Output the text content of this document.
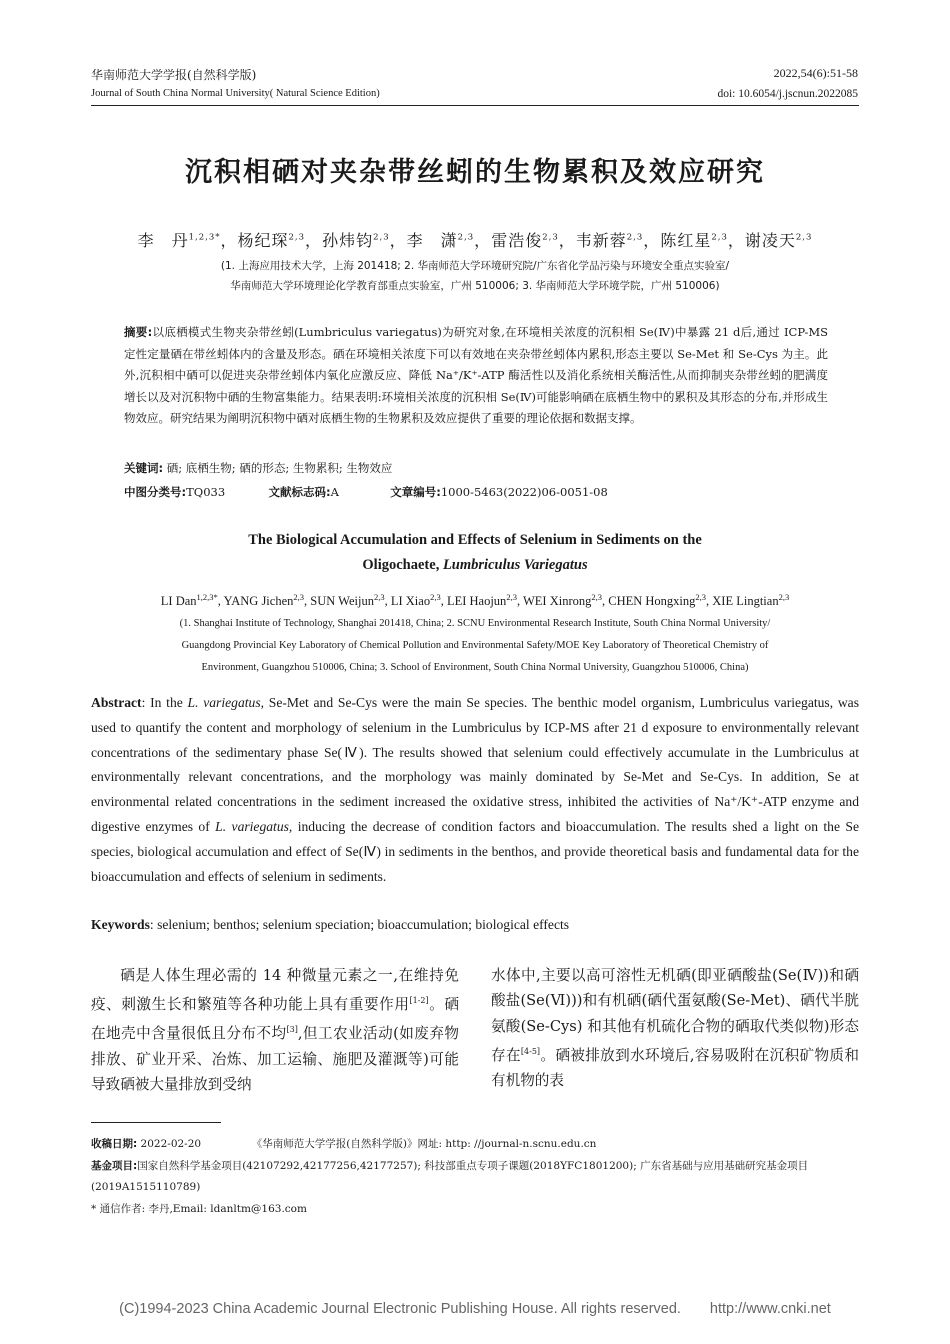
华南师范大学学报(自然科学版)
Journal of South China Normal University( Natural Science Edition)
2022,54(6):51-58
doi: 10.6054/j.jscnun.2022085
沉积相硒对夹杂带丝蚓的生物累积及效应研究
李　丹$^{1,2,3*}$，杨纪琛$^{2,3}$，孙炜钧$^{2,3}$，李　潇$^{2,3}$，雷浩俊$^{2,3}$，韦新蓉$^{2,3}$，陈红星$^{2,3}$，谢凌天$^{2,3}$
(1. 上海应用技术大学，上海 201418; 2. 华南师范大学环境研究院/广东省化学品污染与环境安全重点实验室/
华南师范大学环境理论化学教育部重点实验室，广州 510006; 3. 华南师范大学环境学院，广州 510006)
摘要:以底栖模式生物夹杂带丝蚓(Lumbriculus variegatus)为研究对象,在环境相关浓度的沉积相 Se(Ⅳ)中暴露 21 d后,通过 ICP-MS 定性定量硒在带丝蚓体内的含量及形态。硒在环境相关浓度下可以有效地在夹杂带丝蚓体内累积,形态主要以 Se-Met 和 Se-Cys 为主。此外,沉积相中硒可以促进夹杂带丝蚓体内氧化应激反应、降低 Na⁺/K⁺-ATP 酶活性以及消化系统相关酶活性,从而抑制夹杂带丝蚓的肥满度增长以及对沉积物中硒的生物富集能力。结果表明:环境相关浓度的沉积相 Se(Ⅳ)可能影响硒在底栖生物中的累积及其形态的分布,并形成生物效应。研究结果为阐明沉积物中硒对底栖生物的生物累积及效应提供了重要的理论依据和数据支撑。
关键词: 硒; 底栖生物; 硒的形态; 生物累积; 生物效应
中图分类号:TQ033	文献标志码:A	文章编号:1000-5463(2022)06-0051-08
The Biological Accumulation and Effects of Selenium in Sediments on the
Oligochaete, Lumbriculus Variegatus
LI Dan$^{1,2,3*}$, YANG Jichen$^{2,3}$, SUN Weijun$^{2,3}$, LI Xiao$^{2,3}$, LEI Haojun$^{2,3}$, WEI Xinrong$^{2,3}$, CHEN Hongxing$^{2,3}$, XIE Lingtian$^{2,3}$
(1. Shanghai Institute of Technology, Shanghai 201418, China; 2. SCNU Environmental Research Institute, South China Normal University/
Guangdong Provincial Key Laboratory of Chemical Pollution and Environmental Safety/MOE Key Laboratory of Theoretical Chemistry of
Environment, Guangzhou 510006, China; 3. School of Environment, South China Normal University, Guangzhou 510006, China)
Abstract: In the L. variegatus, Se-Met and Se-Cys were the main Se species. The benthic model organism, Lumbriculus variegatus, was used to quantify the content and morphology of selenium in the Lumbriculus by ICP-MS after 21 d exposure to environmentally relevant concentrations of the sedimentary phase Se(Ⅳ). The results showed that selenium could effectively accumulate in the Lumbriculus at environmentally relevant concentrations, and the morphology was mainly dominated by Se-Met and Se-Cys. In addition, Se at environmental related concentrations in the sediment increased the oxidative stress, inhibited the activities of Na⁺/K⁺-ATP enzyme and digestive enzymes of L. variegatus, inducing the decrease of condition factors and bioaccumulation. The results shed a light on the Se species, biological accumulation and effect of Se(Ⅳ) in sediments in the benthos, and provide theoretical basis and fundamental data for the bioaccumulation and effects of selenium in sediments.
Keywords: selenium; benthos; selenium speciation; bioaccumulation; biological effects
硒是人体生理必需的 14 种微量元素之一,在维持免疫、刺激生长和繁殖等各种功能上具有重要作用[1-2]。硒在地壳中含量很低且分布不均[3],但工农业活动(如废弃物排放、矿业开采、冶炼、加工运输、施肥及灌溉等)可能导致硒被大量排放到受纳
水体中,主要以高可溶性无机硒(即亚硒酸盐(Se(Ⅳ))和硒酸盐(Se(Ⅵ)))和有机硒(硒代蛋氨酸(Se-Met)、硒代半胱氨酸(Se-Cys) 和其他有机硫化合物的硒取代类似物)形态存在[4-5]。硒被排放到水环境后,容易吸附在沉积矿物质和有机物的表
收稿日期: 2022-02-20	《华南师范大学学报(自然科学版)》网址: http: //journal-n.scnu.edu.cn
基金项目:国家自然科学基金项目(42107292,42177256,42177257); 科技部重点专项子课题(2018YFC1801200); 广东省基础与应用基础研究基金项目(2019A1515110789)
* 通信作者: 李丹,Email: ldanltm@163.com
(C)1994-2023 China Academic Journal Electronic Publishing House. All rights reserved.　　http://www.cnki.net
